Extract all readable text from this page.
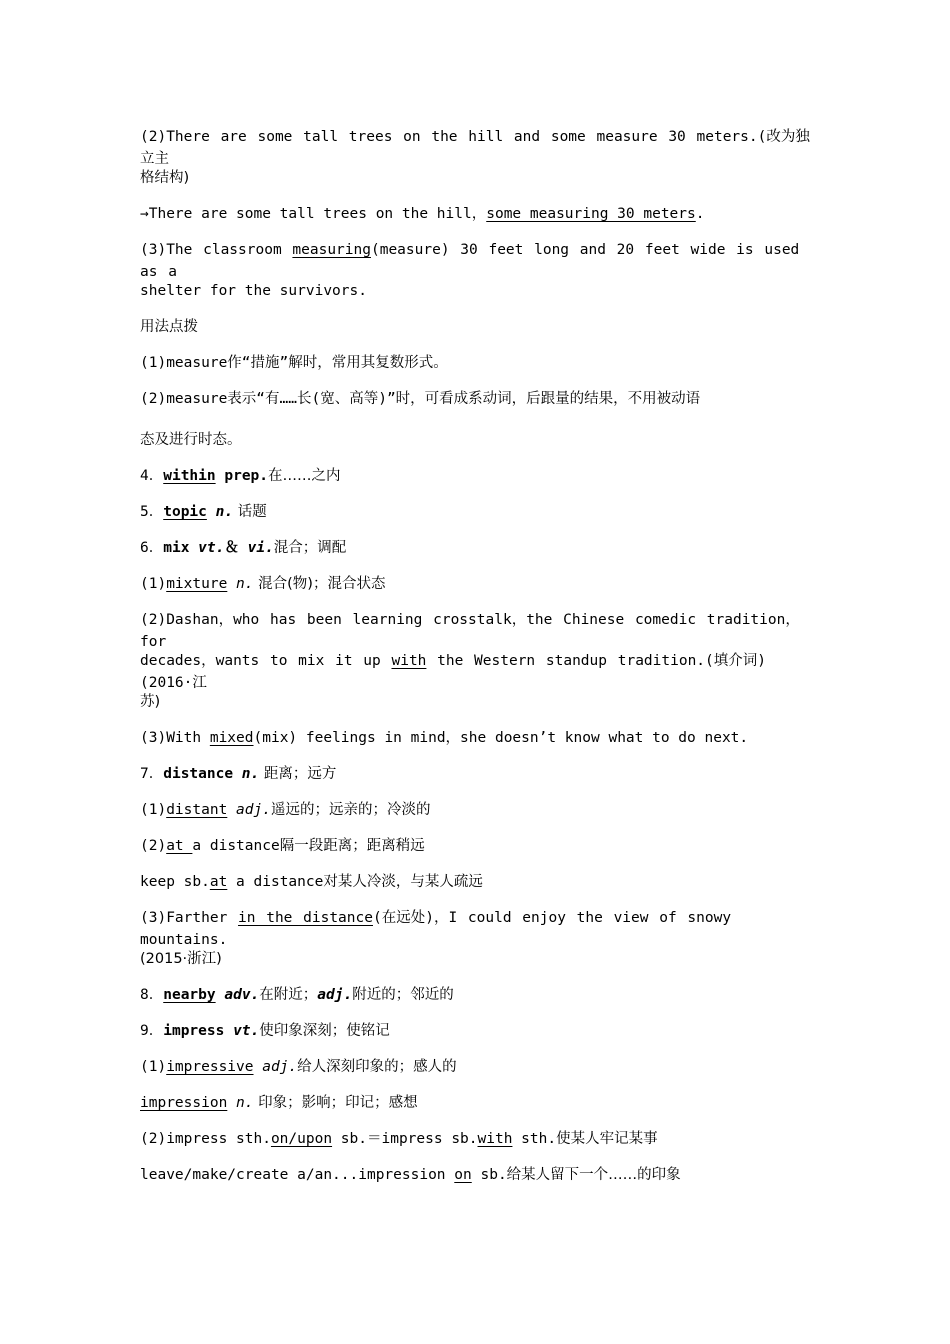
(2)There are some tall trees on the hill and some measure 30 meters.(改为独立主
格结构)
→There are some tall trees on the hill，some measuring 30 meters.
(3)The classroom measuring(measure) 30 feet long and 20 feet wide is used as a
shelter for the survivors.
用法点拨
(1)measure作“措施”解时，常用其复数形式。
(2)measure表示“有……长(宽、高等)”时，可看成系动词，后跟量的结果，不用被动语
态及进行时态。
4．within prep.在……之内
5．topic n. 话题
6．mix vt.＆ vi.混合；调配
(1)mixture n. 混合(物)；混合状态
(2)Dashan，who has been learning crosstalk，the Chinese comedic tradition，for
decades，wants to mix it up with the Western standup tradition.(填介词)(2016·江
苏)
(3)With mixed(mix) feelings in mind，she doesn’t know what to do next.
7．distance n. 距离；远方
(1)distant adj.遥远的；远亲的；冷淡的
(2)at a distance隔一段距离；距离稍远
keep sb.at a distance对某人冷淡，与某人疏远
(3)Farther in the distance(在远处)，I could enjoy the view of snowy mountains.
(2015·浙江)
8．nearby adv.在附近；adj.附近的；邻近的
9．impress vt.使印象深刻；使铭记
(1)impressive adj.给人深刻印象的；感人的
impression n. 印象；影响；印记；感想
(2)impress sth.on/upon sb.＝impress sb.with sth.使某人牢记某事
leave/make/create a/an...impression on sb.给某人留下一个……的印象
